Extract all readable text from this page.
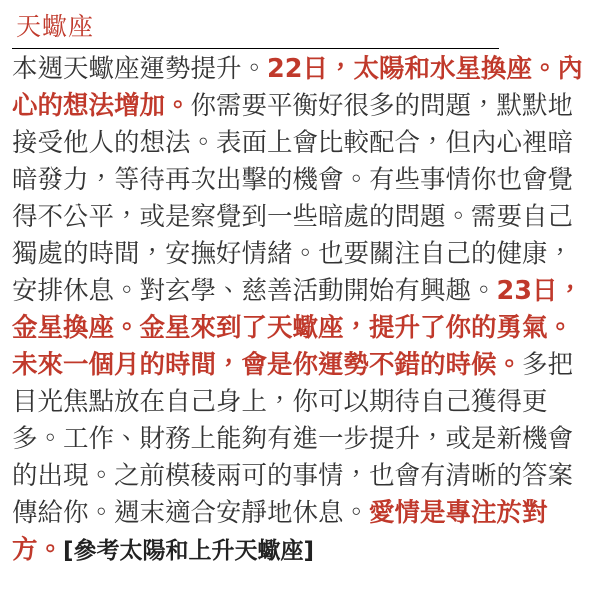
天蠍座

本週天蠍座運勢提升。22日，太陽和水星換座。內心的想法增加。你需要平衡好很多的問題，默默地接受他人的想法。表面上會比較配合，但內心裡暗暗發力，等待再次出擊的機會。有些事情你也會覺得不公平，或是察覺到一些暗處的問題。需要自己獨處的時間，安撫好情緒。也要關注自己的健康，安排休息。對玄學、慈善活動開始有興趣。23日，金星換座。金星來到了天蠍座，提升了你的勇氣。未來一個月的時間，會是你運勢不錯的時候。多把目光焦點放在自己身上，你可以期待自己獲得更多。工作、財務上能夠有進一步提升，或是新機會的出現。之前模稜兩可的事情，也會有清晰的答案傳給你。週末適合安靜地休息。愛情是專注於對方。[參考太陽和上升天蠍座]
